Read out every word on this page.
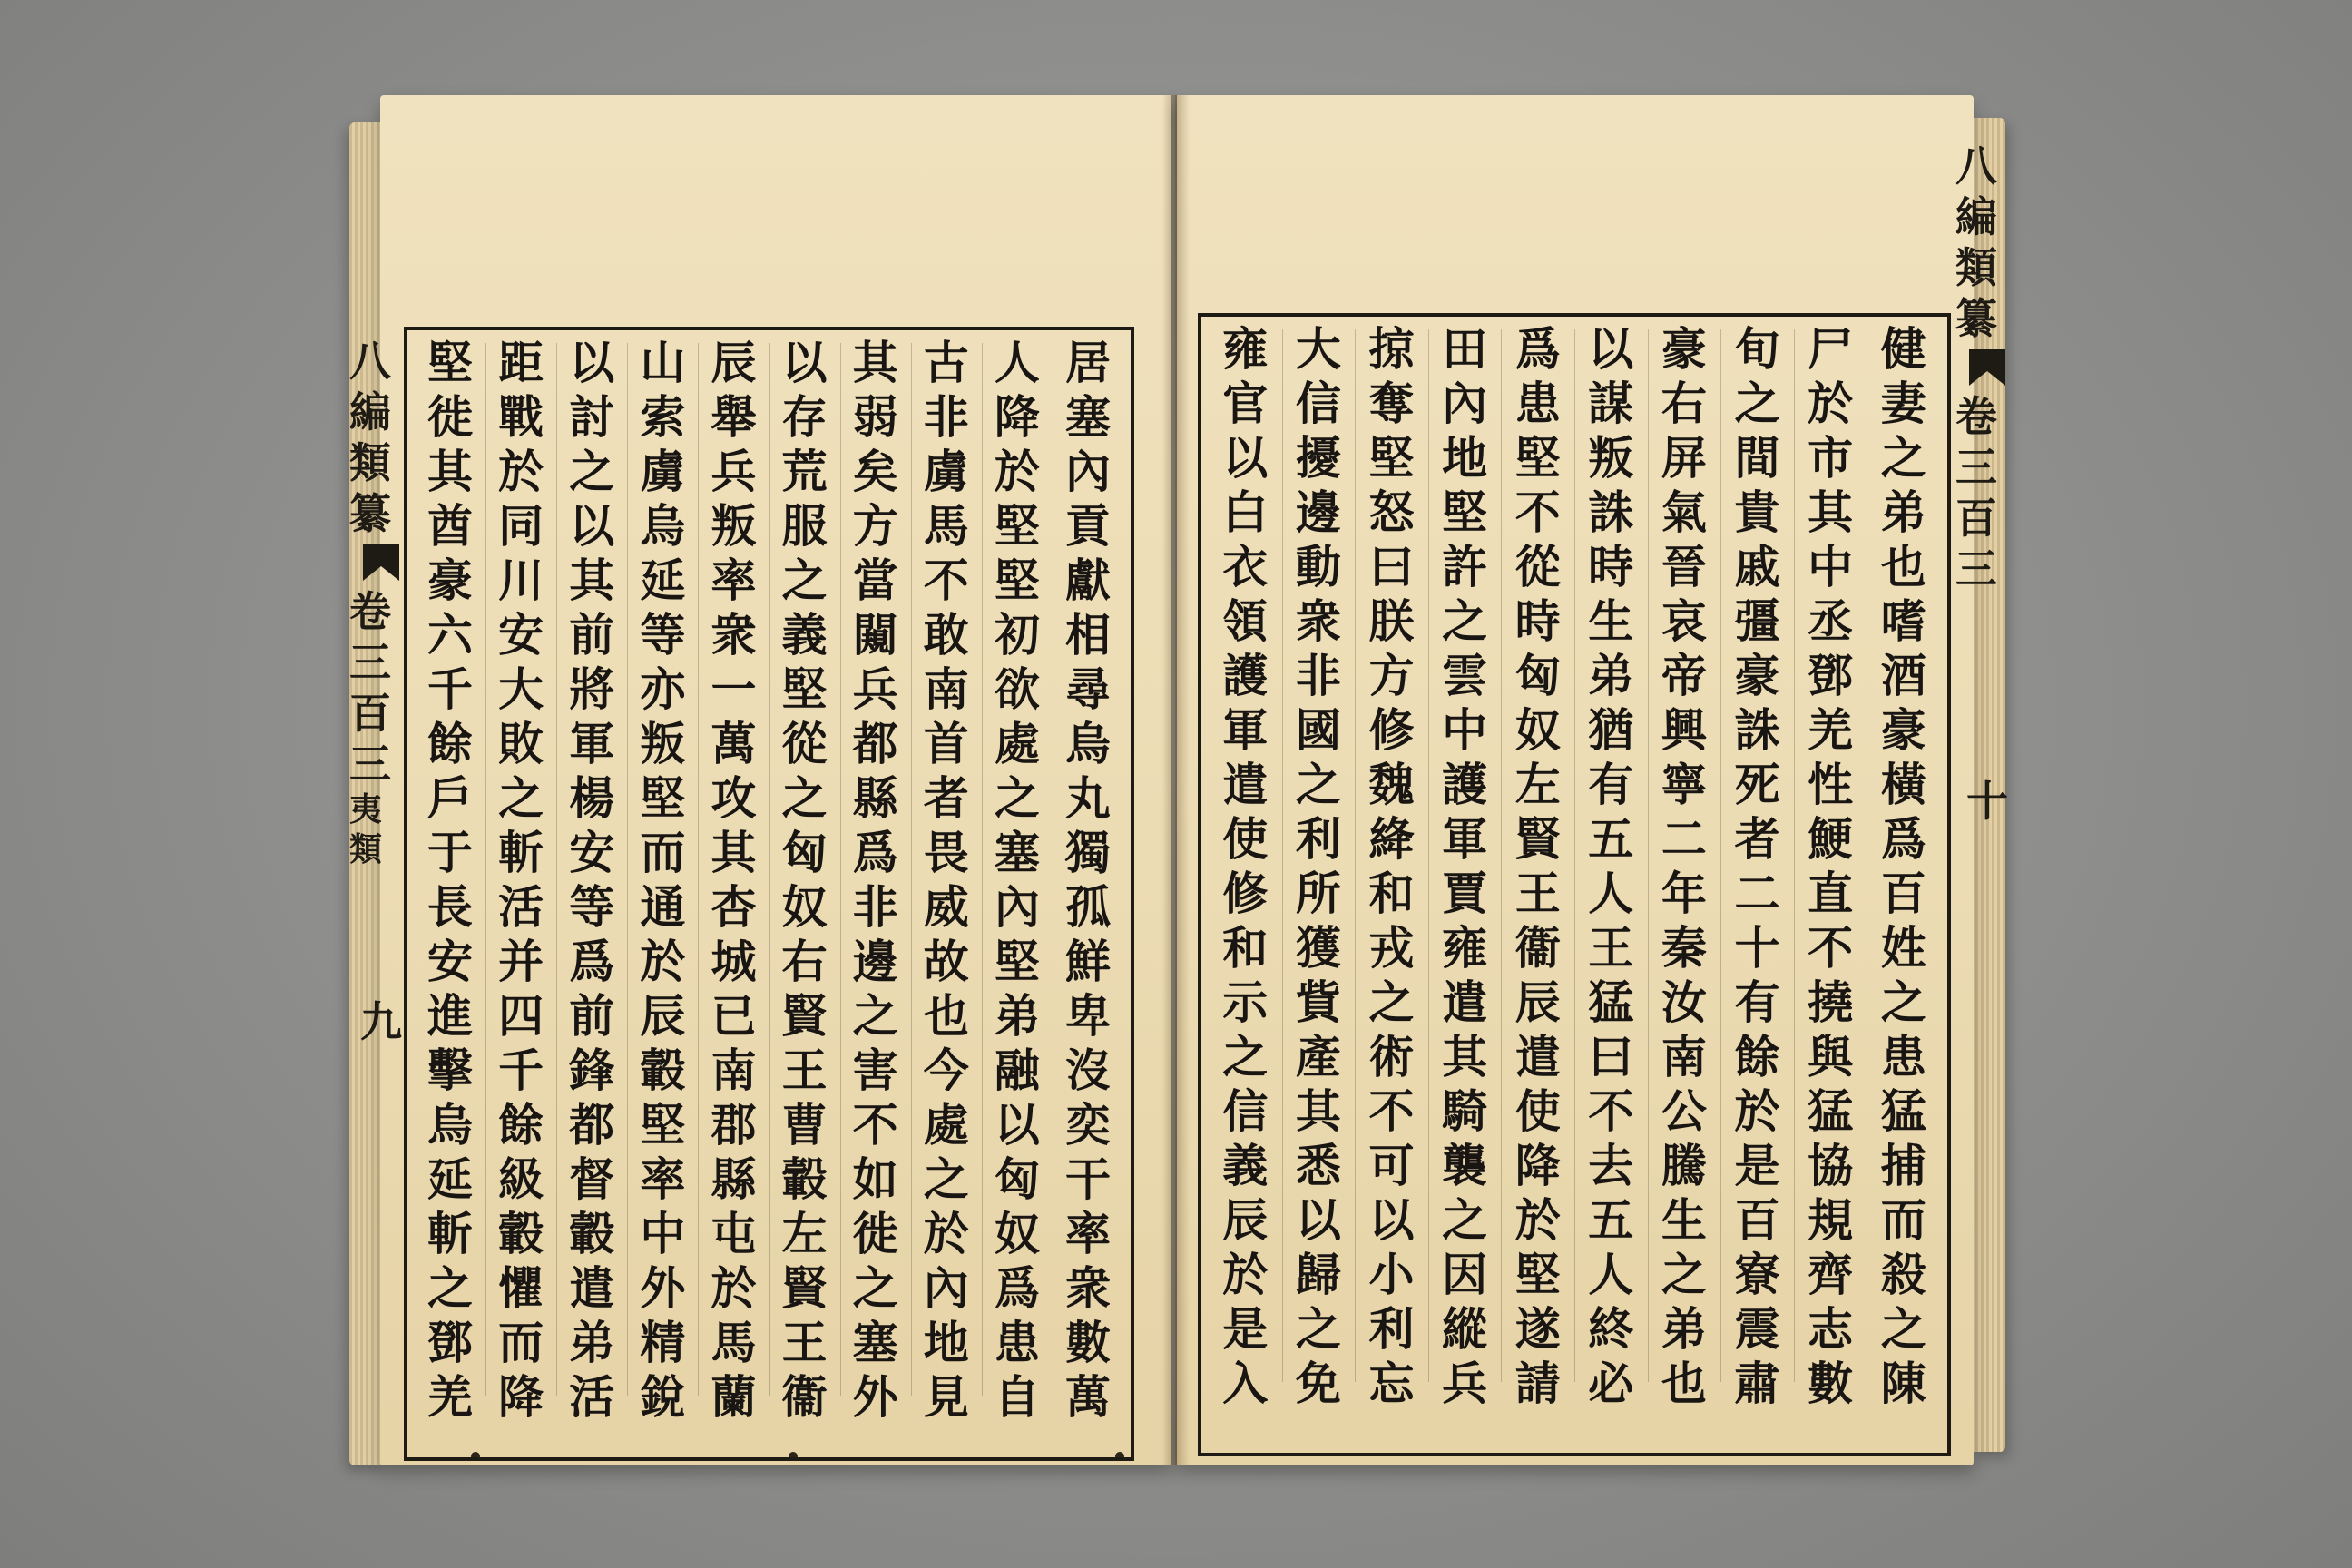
八編類纂
卷三百三
夷類
九
居
塞
內
貢
獻
相
尋
烏
丸
獨
孤
鮮
卑
沒
奕
干
率
衆
數
萬
人
降
於
堅
堅
初
欲
處
之
塞
內
堅
弟
融
以
匈
奴
爲
患
自
古
非
虜
馬
不
敢
南
首
者
畏
威
故
也
今
處
之
於
內
地
見
其
弱
矣
方
當
闚
兵
都
縣
爲
非
邊
之
害
不
如
徙
之
塞
外
以
存
荒
服
之
義
堅
從
之
匈
奴
右
賢
王
曹
轂
左
賢
王
衞
辰
舉
兵
叛
率
衆
一
萬
攻
其
杏
城
已
南
郡
縣
屯
於
馬
蘭
山
索
虜
烏
延
等
亦
叛
堅
而
通
於
辰
轂
堅
率
中
外
精
銳
以
討
之
以
其
前
將
軍
楊
安
等
爲
前
鋒
都
督
轂
遣
弟
活
距
戰
於
同
川
安
大
敗
之
斬
活
并
四
千
餘
級
轂
懼
而
降
堅
徙
其
酋
豪
六
千
餘
戶
于
長
安
進
擊
烏
延
斬
之
鄧
羌
八編類纂
卷三百三
十
健
妻
之
弟
也
嗜
酒
豪
橫
爲
百
姓
之
患
猛
捕
而
殺
之
陳
尸
於
市
其
中
丞
鄧
羌
性
鯁
直
不
撓
與
猛
協
規
齊
志
數
旬
之
間
貴
戚
彊
豪
誅
死
者
二
十
有
餘
於
是
百
寮
震
肅
豪
右
屏
氣
晉
哀
帝
興
寧
二
年
秦
汝
南
公
騰
生
之
弟
也
以
謀
叛
誅
時
生
弟
猶
有
五
人
王
猛
曰
不
去
五
人
終
必
爲
患
堅
不
從
時
匈
奴
左
賢
王
衞
辰
遣
使
降
於
堅
遂
請
田
內
地
堅
許
之
雲
中
護
軍
賈
雍
遣
其
騎
襲
之
因
縱
兵
掠
奪
堅
怒
曰
朕
方
修
魏
絳
和
戎
之
術
不
可
以
小
利
忘
大
信
擾
邊
動
衆
非
國
之
利
所
獲
貲
產
其
悉
以
歸
之
免
雍
官
以
白
衣
領
護
軍
遣
使
修
和
示
之
信
義
辰
於
是
入
